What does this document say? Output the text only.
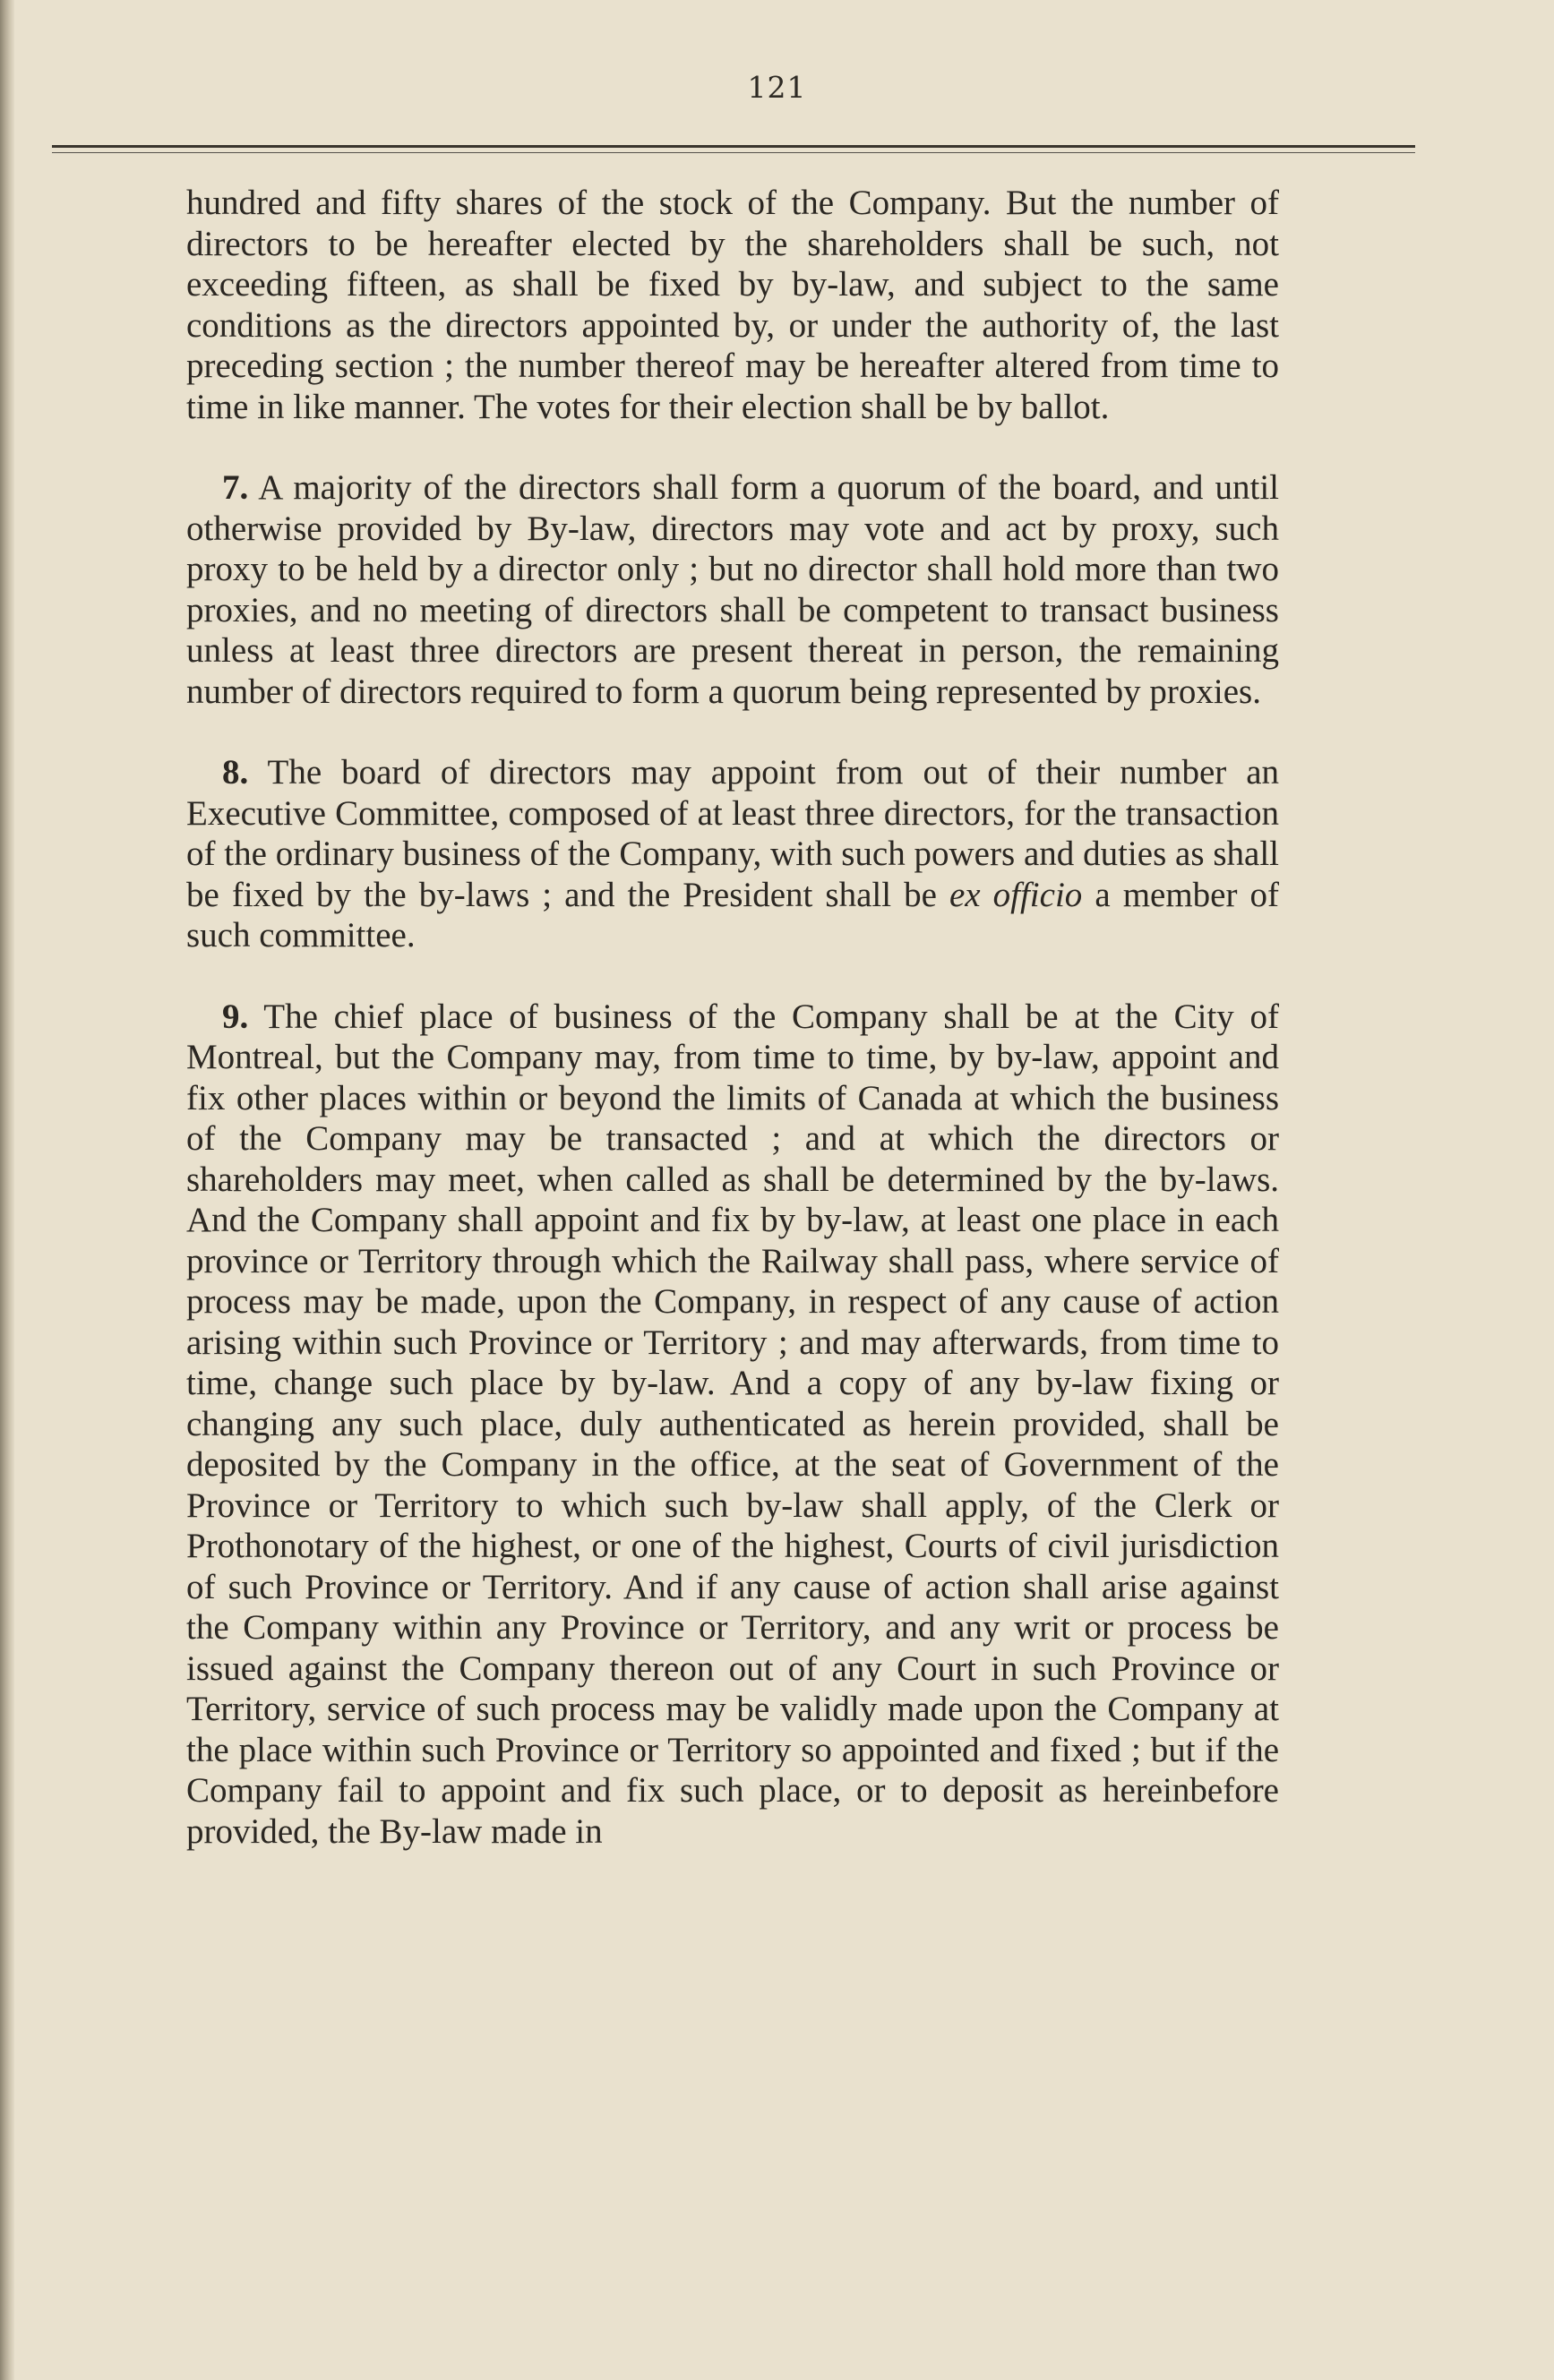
121

hundred and fifty shares of the stock of the Company. But the number of directors to be hereafter elected by the shareholders shall be such, not exceeding fifteen, as shall be fixed by by-law, and subject to the same conditions as the directors appointed by, or under the authority of, the last preceding section ; the number thereof may be hereafter altered from time to time in like manner. The votes for their election shall be by ballot.

7. A majority of the directors shall form a quorum of the board, and until otherwise provided by By-law, directors may vote and act by proxy, such proxy to be held by a director only ; but no director shall hold more than two proxies, and no meeting of directors shall be competent to transact business unless at least three directors are present thereat in person, the remaining number of directors required to form a quorum being represented by proxies.

8. The board of directors may appoint from out of their number an Executive Committee, composed of at least three directors, for the transaction of the ordinary business of the Company, with such powers and duties as shall be fixed by the by-laws ; and the President shall be ex officio a member of such committee.

9. The chief place of business of the Company shall be at the City of Montreal, but the Company may, from time to time, by by-law, appoint and fix other places within or beyond the limits of Canada at which the business of the Company may be transacted ; and at which the directors or shareholders may meet, when called as shall be determined by the by-laws. And the Company shall appoint and fix by by-law, at least one place in each province or Territory through which the Railway shall pass, where service of process may be made, upon the Company, in respect of any cause of action arising within such Province or Territory ; and may afterwards, from time to time, change such place by by-law. And a copy of any by-law fixing or changing any such place, duly authenticated as herein provided, shall be deposited by the Company in the office, at the seat of Government of the Province or Territory to which such by-law shall apply, of the Clerk or Prothonotary of the highest, or one of the highest, Courts of civil jurisdiction of such Province or Territory. And if any cause of action shall arise against the Company within any Province or Territory, and any writ or process be issued against the Company thereon out of any Court in such Province or Territory, service of such process may be validly made upon the Company at the place within such Province or Territory so appointed and fixed ; but if the Company fail to appoint and fix such place, or to deposit as hereinbefore provided, the By-law made in
